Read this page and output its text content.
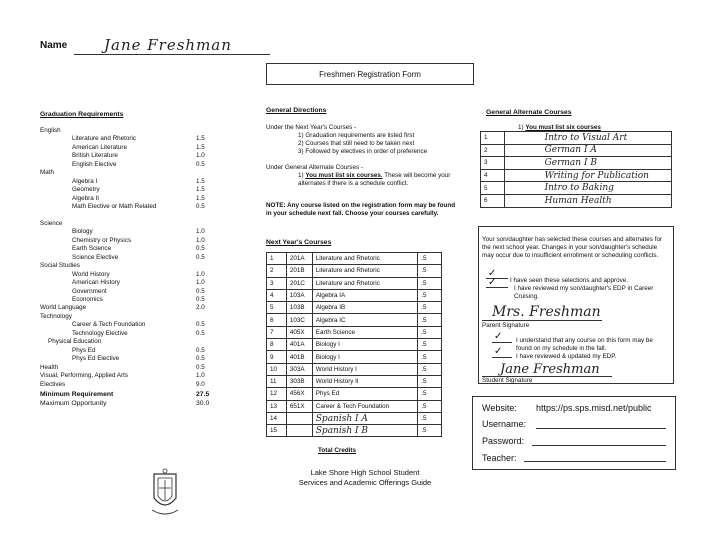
Name Jane Freshman
Freshmen Registration Form
Graduation Requirements
English
Literature and Rhetoric	1.5
American Literature	1.5
British Literature	1.0
English Elective	0.5
Math
Algebra I	1.5
Geometry	1.5
Algebra II	1.5
Math Elective or Math Related	0.5
Science
Biology	1.0
Chemistry or Physics	1.0
Earth Science	0.5
Science Elective	0.5
Social Studies
World History	1.0
American History	1.0
Government	0.5
Economics	0.5
World Language	2.0
Technology
Career & Tech Foundation	0.5
Technology Elective	0.5
Physical Education
Phys Ed	0.5
Phys Ed Elective	0.5
Health	0.5
Visual, Performing, Applied Arts	1.0
Electives	9.0
Minimum Requirement	27.5
Maximum Opportunity	30.0
General Directions
Under the Next Year's Courses -
1) Graduation requirements are listed first
2) Courses that still need to be taken next
3) Followed by electives in order of preference
Under General Alternate Courses -
1) You must list six courses. These will become your alternates if there is a schedule conflict.
NOTE: Any course listed on the registration form may be found in your schedule next fall. Choose your courses carefully.
Next Year's Courses
1	201A	Literature and Rhetoric	.5
2	201B	Literature and Rhetoric	.5
3	201C	Literature and Rhetoric	.5
4	103A	Algebra IA	.5
5	103B	Algebra IB	.5
6	103C	Algebra IC	.5
7	405X	Earth Science	.5
8	401A	Biology I	.5
9	401B	Biology I	.5
10	303A	World History I	.5
11	303B	World History II	.5
12	456X	Phys Ed	.5
13	651X	Career & Tech Foundation	.5
14		Spanish I A	.5
15		Spanish I B	.5
Total Credits
General Alternate Courses
1) You must list six courses
1	Intro to Visual Art
2	German I A
3	German I B
4	Writing for Publication
5	Intro to Baking
6	Human Health
Your son/daughter has selected these courses and alternates for the next school year. Changes in your son/daughter's schedule may occur due to insufficient enrollment or scheduling conflicts.
✓
I have seen these selections and approve.
✓
I have reviewed my son/daughter's EDP in Career Cruising.
Mrs. Freshman
Parent Signature
✓ I understand that any course on this form may be found on my schedule in the fall.
✓ I have reviewed & updated my EDP.
Jane Freshman
Student Signature
Website: https://ps.sps.misd.net/public
Username:
Password:
Teacher:
Lake Shore High School Student
Services and Academic Offerings Guide
